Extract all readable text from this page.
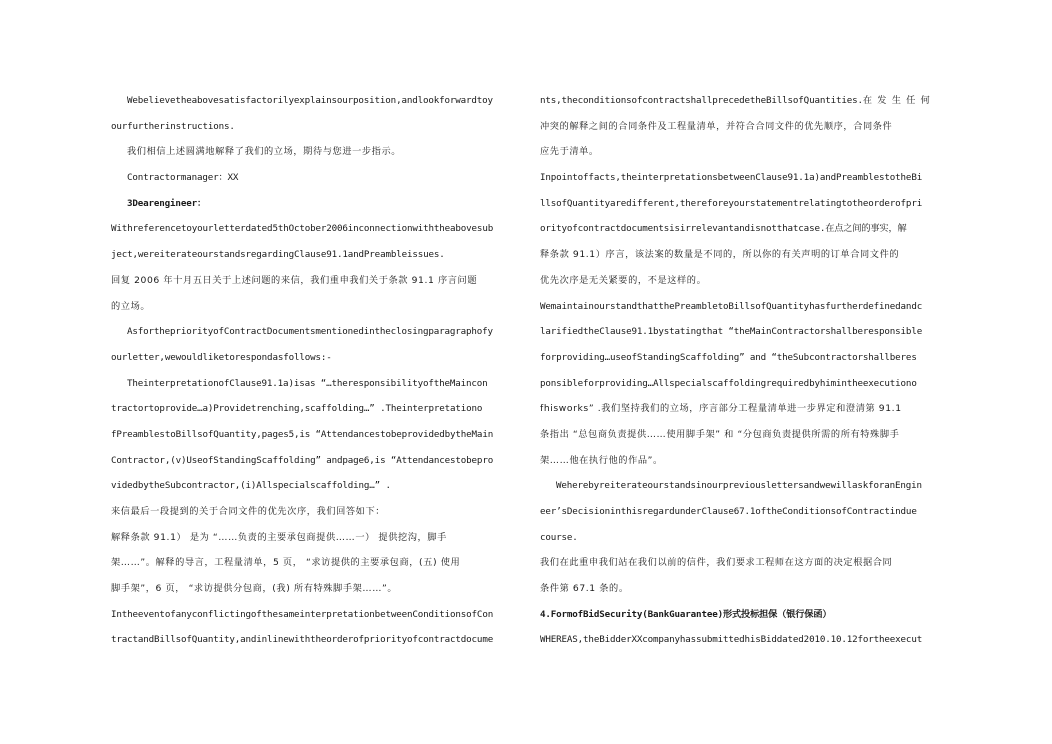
Webelievetheabovesatisfactorilyexplainsourposition,andlookforwardtoy
ourfurtherinstructions.
我们相信上述圆满地解释了我们的立场，期待与您进一步指示。
Contractormanager：XX
3Dearengineer：
Withreferencetoyourletterdated5thOctober2006inconnectionwiththeabovesub
ject,wereiterateourstandsregardingClause91.1andPreambleissues.
回复 2006 年十月五日关于上述问题的来信，我们重申我们关于条款 91.1 序言问题
的立场。
AsforthepriorityofContractDocumentsmentionedintheclosingparagraphofy
ourletter,wewouldliketorespondasfollows:-
TheinterpretationofClause91.1a)isas “…theresponsibilityoftheMaincon
tractortoprovide…a)Providetrenching,scaffolding…” .Theinterpretationo
fPreamblestoBillsofQuantity,pages5,is “AttendancestobeprovidedbytheMain
Contractor,(v)UseofStandingScaffolding” andpage6,is “Attendancestobepro
videdbytheSubcontractor,(i)Allspecialscaffolding…” .
来信最后一段提到的关于合同文件的优先次序，我们回答如下：
解释条款 91.1） 是为 “……负责的主要承包商提供……一） 提供挖沟，脚手
架……”。解释的导言，工程量清单，5 页， “求访提供的主要承包商，(五) 使用
脚手架”，6 页， “求访提供分包商，(我) 所有特殊脚手架……”。
IntheeventofanyconflictingofthesameinterpretationbetweenConditionsofCon
tractandBillsofQuantity,andinlinewiththeorderofpriorityofcontractdocume
nts,theconditionsofcontractshallprecedetheBillsofQuantities.在 发 生 任 何
冲突的解释之间的合同条件及工程量清单，并符合合同文件的优先顺序，合同条件
应先于清单。
Inpointoffacts,theinterpretationsbetweenClause91.1a)andPreamblestotheBi
llsofQuantityaredifferent,thereforeyourstatementrelatingtotheorderofpri
orityofcontractdocumentsisirrelevantandisnotthatcase.在点之间的事实，解
释条款 91.1）序言，该法案的数量是不同的，所以你的有关声明的订单合同文件的
优先次序是无关紧要的，不是这样的。
WemaintainourstandthatthePreambletoBillsofQuantityhasfurtherdefinedandc
larifiedtheClause91.1bystatingthat “theMainContractorshallberesponsible
forproviding…useofStandingScaffolding” and “theSubcontractorshallberes
ponsibleforproviding…Allspecialscaffoldingrequiredbyhimintheexecutiono
fhisworks” .我们坚持我们的立场，序言部分工程量清单进一步界定和澄清第 91.1
条指出 “总包商负责提供……使用脚手架” 和 “分包商负责提供所需的所有特殊脚手
架……他在执行他的作品”。
WeherebyreiterateourstandsinourpreviouslettersandwewillaskforanEngin
eer’sDecisioninthisregardunderClause67.1oftheConditionsofContractindue
course.
我们在此重申我们站在我们以前的信件，我们要求工程师在这方面的决定根据合同
条件第 67.1 条的。
4.FormofBidSecurity(BankGuarantee)形式投标担保（银行保函）
WHEREAS,theBidderXXcompanyhassubmittedhisBiddated2010.10.12fortheexecut
